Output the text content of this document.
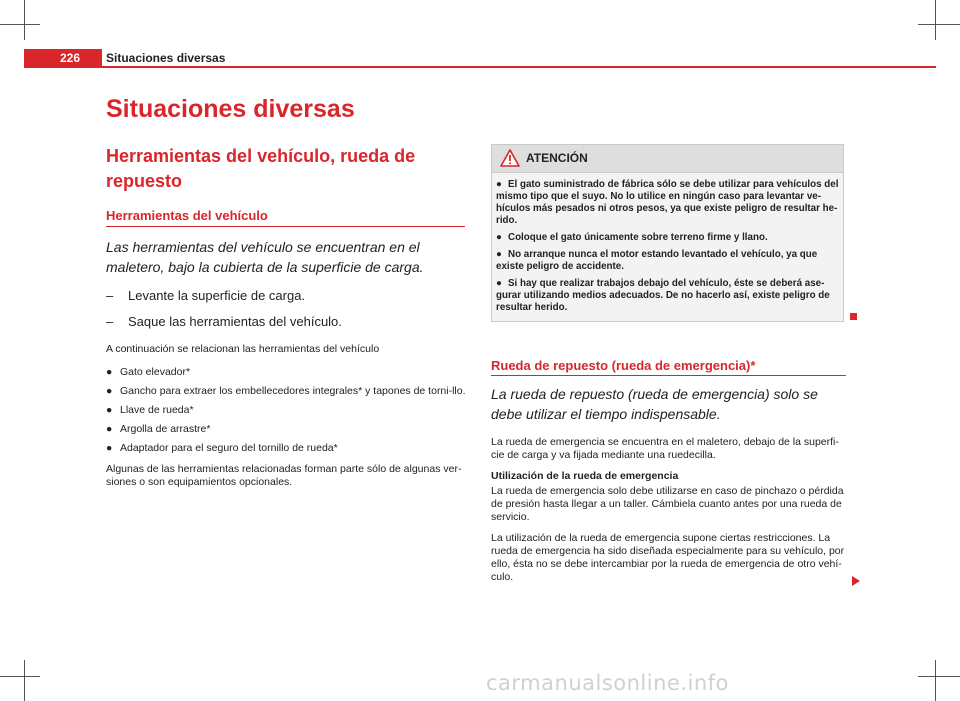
226	Situaciones diversas
Situaciones diversas
Herramientas del vehículo, rueda de repuesto
Herramientas del vehículo

Las herramientas del vehículo se encuentran en el maletero, bajo la cubierta de la superficie de carga.

–	Levante la superficie de carga.
–	Saque las herramientas del vehículo.

A continuación se relacionan las herramientas del vehículo

● Gato elevador*
● Gancho para extraer los embellecedores integrales* y tapones de torni-llo.
● Llave de rueda*
● Argolla de arrastre*
● Adaptador para el seguro del tornillo de rueda*

Algunas de las herramientas relacionadas forman parte sólo de algunas ver-siones o son equipamientos opcionales.

ATENCIÓN
● El gato suministrado de fábrica sólo se debe utilizar para vehículos del mismo tipo que el suyo. No lo utilice en ningún caso para levantar ve-hículos más pesados ni otros pesos, ya que existe peligro de resultar he-rido.
● Coloque el gato únicamente sobre terreno firme y llano.
● No arranque nunca el motor estando levantado el vehículo, ya que existe peligro de accidente.
● Si hay que realizar trabajos debajo del vehículo, éste se deberá ase-gurar utilizando medios adecuados. De no hacerlo así, existe peligro de resultar herido.
Rueda de repuesto (rueda de emergencia)*

La rueda de repuesto (rueda de emergencia) solo se debe utilizar el tiempo indispensable.

La rueda de emergencia se encuentra en el maletero, debajo de la superfi-cie de carga y va fijada mediante una ruedecilla.

Utilización de la rueda de emergencia

La rueda de emergencia solo debe utilizarse en caso de pinchazo o pérdida de presión hasta llegar a un taller. Cámbiela cuanto antes por una rueda de servicio.

La utilización de la rueda de emergencia supone ciertas restricciones. La rueda de emergencia ha sido diseñada especialmente para su vehículo, por ello, ésta no se debe intercambiar por la rueda de emergencia de otro vehí-culo.

carmanualsonline.info
